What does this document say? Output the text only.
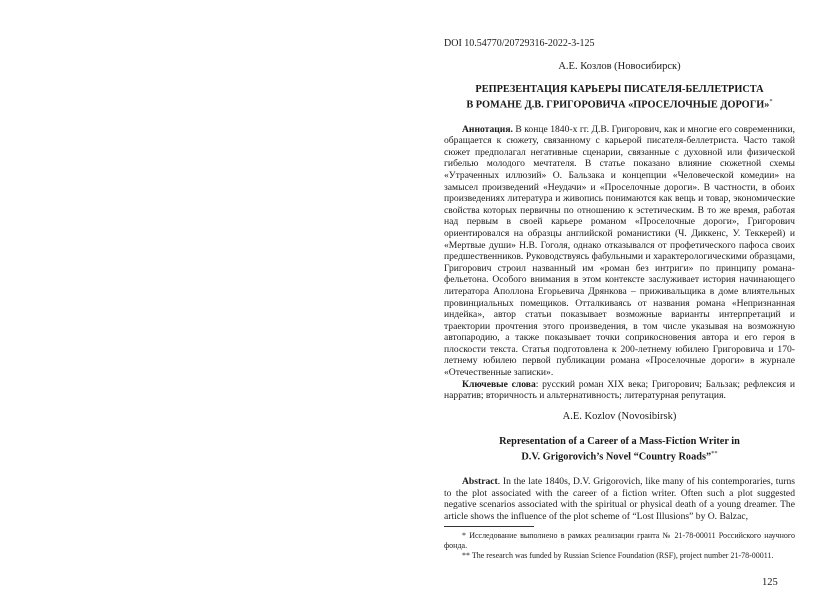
DOI 10.54770/20729316-2022-3-125

А.Е. Козлов (Новосибирск)

РЕПРЕЗЕНТАЦИЯ КАРЬЕРЫ ПИСАТЕЛЯ-БЕЛЛЕТРИСТА
В РОМАНЕ Д.В. ГРИГОРОВИЧА «ПРОСЕЛОЧНЫЕ ДОРОГИ»*

Аннотация. В конце 1840-х гг. Д.В. Григорович, как и многие его современники, обращается к сюжету, связанному с карьерой писателя-беллетриста. Часто такой сюжет предполагал негативные сценарии, связанные с духовной или физической гибелью молодого мечтателя. В статье показано влияние сюжетной схемы «Утраченных иллюзий» О. Бальзака и концепции «Человеческой комедии» на замысел произведений «Неудачи» и «Проселочные дороги». В частности, в обоих произведениях литература и живопись понимаются как вещь и товар, экономические свойства которых первичны по отношению к эстетическим. В то же время, работая над первым в своей карьере романом «Проселочные дороги», Григорович ориентировался на образцы английской романистики (Ч. Диккенс, У. Теккерей) и «Мертвые души» Н.В. Гоголя, однако отказывался от профетического пафоса своих предшественников. Руководствуясь фабульными и характерологическими образцами, Григорович строил названный им «роман без интриги» по принципу романа-фельетона. Особого внимания в этом контексте заслуживает история начинающего литератора Аполлона Егорьевича Дрянкова – приживальщика в доме влиятельных провинциальных помещиков. Отталкиваясь от названия романа «Непризнанная индейка», автор статьи показывает возможные варианты интерпретаций и траектории прочтения этого произведения, в том числе указывая на возможную автопародию, а также показывает точки соприкосновения автора и его героя в плоскости текста. Статья подготовлена к 200-летнему юбилею Григоровича и 170-летнему юбилею первой публикации романа «Проселочные дороги» в журнале «Отечественные записки».

Ключевые слова: русский роман XIX века; Григорович; Бальзак; рефлексия и нарратив; вторичность и альтернативность; литературная репутация.

A.E. Kozlov (Novosibirsk)

Representation of a Career of a Mass-Fiction Writer in
D.V. Grigorovich’s Novel “Country Roads”**

Abstract. In the late 1840s, D.V. Grigorovich, like many of his contemporaries, turns to the plot associated with the career of a fiction writer. Often such a plot suggested negative scenarios associated with the spiritual or physical death of a young dreamer. The article shows the influence of the plot scheme of “Lost Illusions” by O. Balzac,

* Исследование выполнено в рамках реализации гранта № 21-78-00011 Российского научного фонда.

** The research was funded by Russian Science Foundation (RSF), project number 21-78-00011.

125
